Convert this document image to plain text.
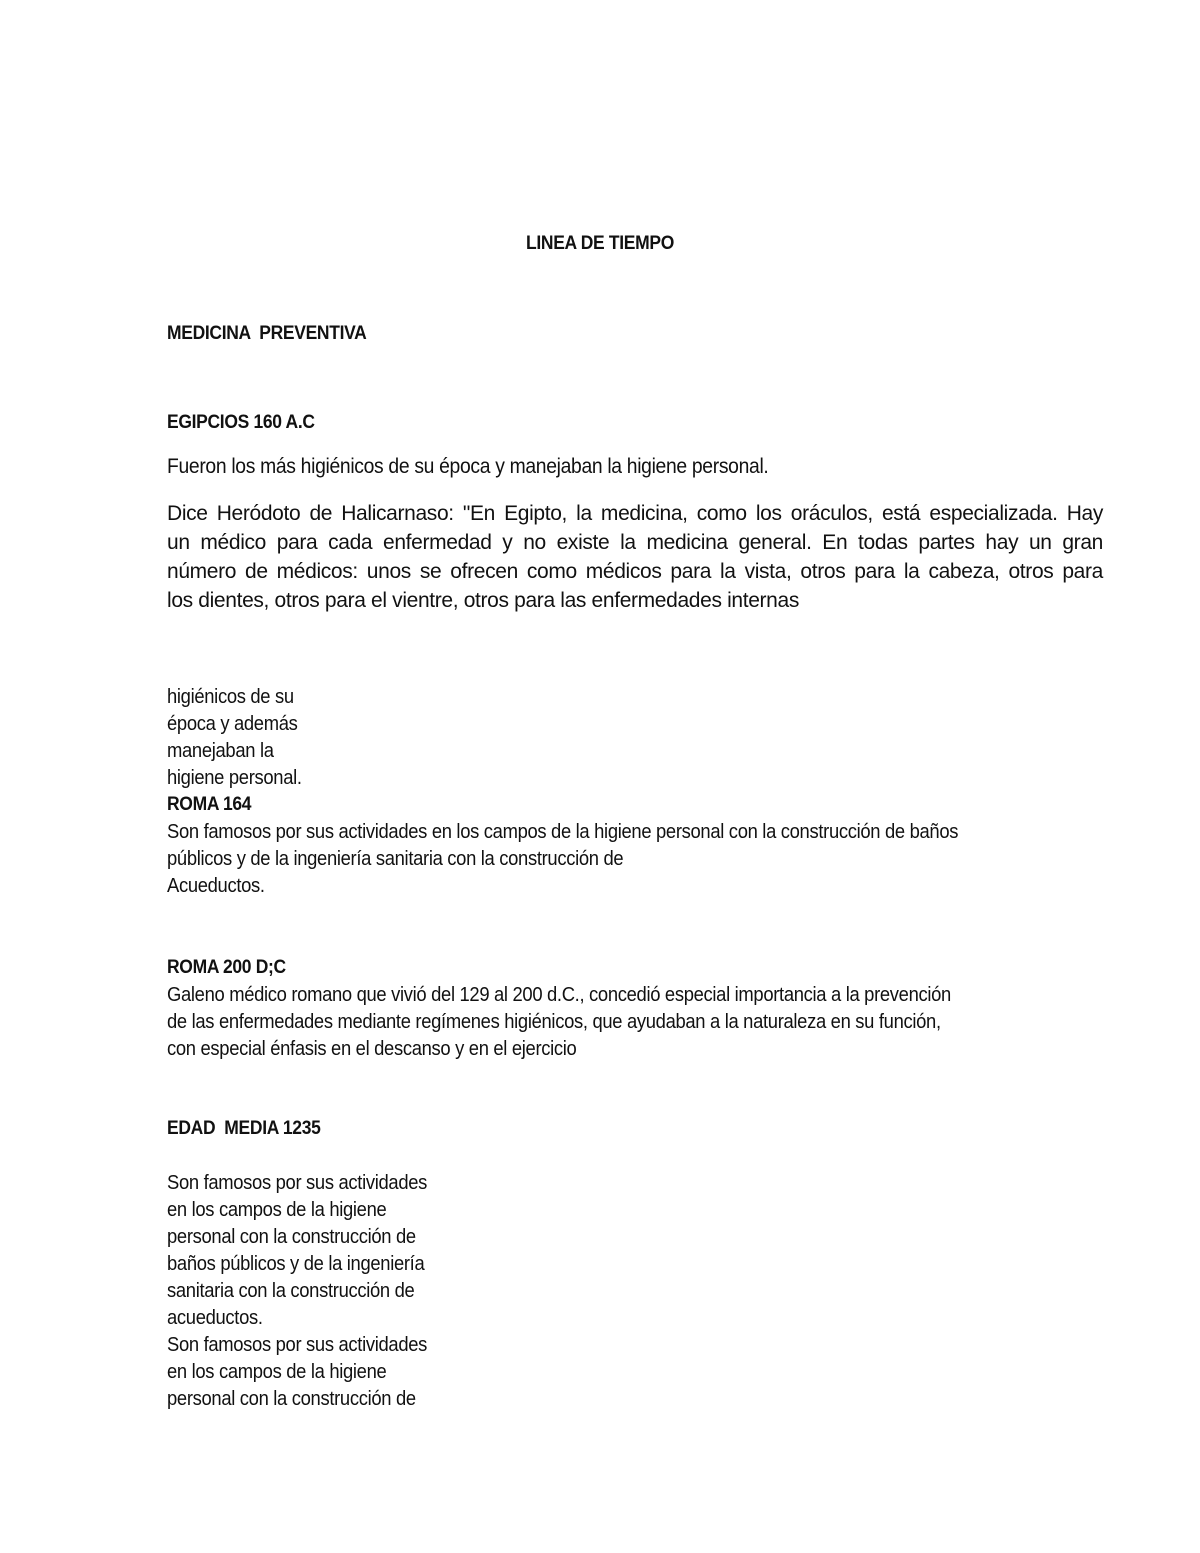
LINEA DE TIEMPO
MEDICINA  PREVENTIVA
EGIPCIOS 160 A.C
Fueron los más higiénicos de su época y manejaban la higiene personal.
Dice Heródoto de Halicarnaso: "En Egipto, la medicina, como los oráculos, está especializada. Hay
un médico para cada enfermedad y no existe la medicina general. En todas partes hay un gran
número de médicos: unos se ofrecen como médicos para la vista, otros para la cabeza, otros para
los dientes, otros para el vientre, otros para las enfermedades internas
higiénicos de su
época y además
manejaban la
higiene personal.
ROMA 164
Son famosos por sus actividades en los campos de la higiene personal con la construcción de baños
públicos y de la ingeniería sanitaria con la construcción de
Acueductos.
ROMA 200 D;C
Galeno médico romano que vivió del 129 al 200 d.C., concedió especial importancia a la prevención
de las enfermedades mediante regímenes higiénicos, que ayudaban a la naturaleza en su función,
con especial énfasis en el descanso y en el ejercicio
EDAD  MEDIA 1235
Son famosos por sus actividades
en los campos de la higiene
personal con la construcción de
baños públicos y de la ingeniería
sanitaria con la construcción de
acueductos.
Son famosos por sus actividades
en los campos de la higiene
personal con la construcción de
